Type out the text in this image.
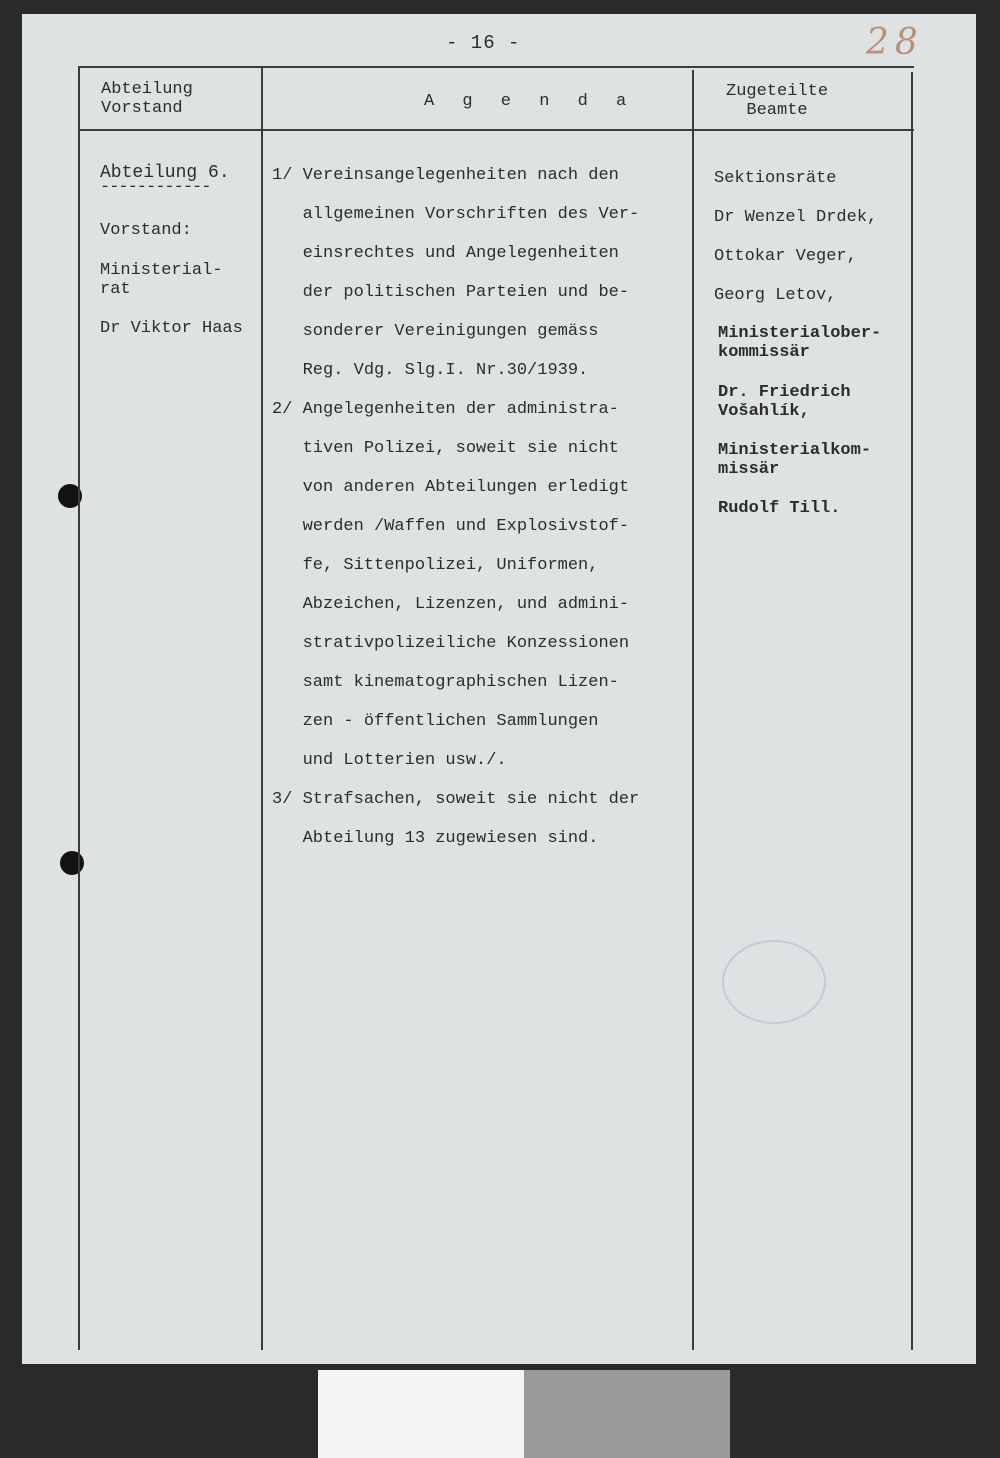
- 16 -	28
Abteilung
Vorstand	A g e n d a
Zugeteilte
Beamte
Abteilung 6.
------------
Vorstand:
Ministerial-
rat
Dr Viktor Haas
1/ Vereinsangelegenheiten nach den
allgemeinen Vorschriften des Ver-
einsrechtes und Angelegenheiten
der politischen Parteien und be-
sonderer Vereinigungen gemäss
Reg. Vdg. Slg.I. Nr.30/1939.
2/ Angelegenheiten der administra-
tiven Polizei, soweit sie nicht
von anderen Abteilungen erledigt
werden /Waffen und Explosivstof-
fe, Sittenpolizei, Uniformen,
Abzeichen, Lizenzen, und admini-
strativpolizeiliche Konzessionen
samt kinematographischen Lizen-
zen - öffentlichen Sammlungen
und Lotterien usw./.
3/ Strafsachen, soweit sie nicht der
Abteilung 13 zugewiesen sind.
Sektionsräte
Dr Wenzel Drdek,
Ottokar Veger,
Georg Letov,
Ministerialober-
kommissär
Dr. Friedrich
Vošahlík,
Ministerialkom-
missär
Rudolf Till.
